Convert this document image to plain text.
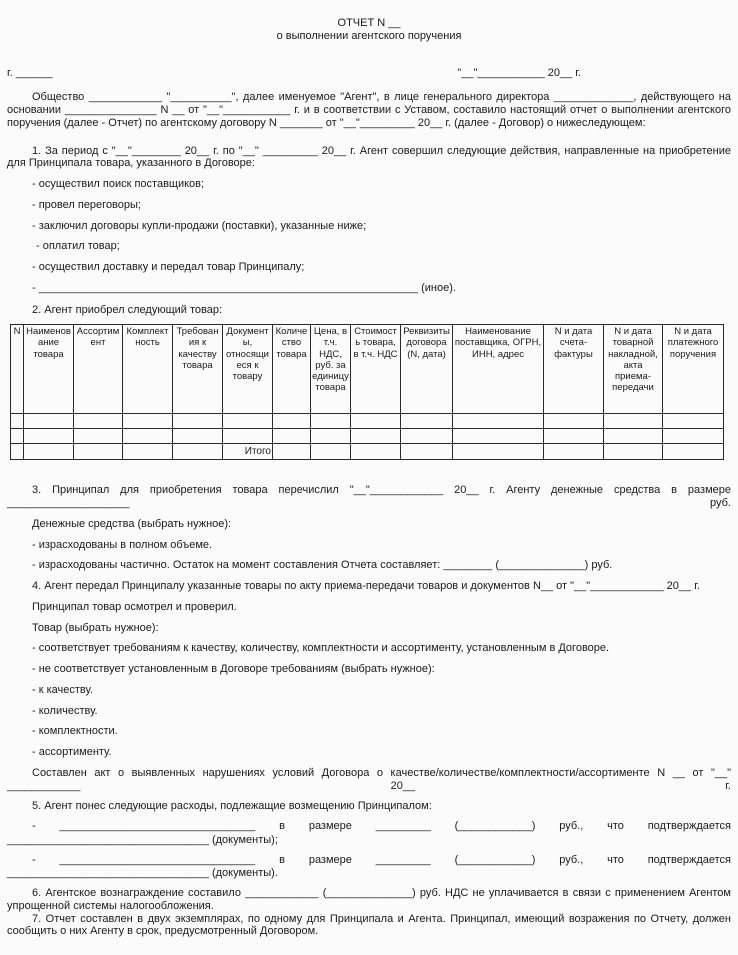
ОТЧЕТ N __
о выполнении агентского поручения
г. ______	"__"___________ 20__ г.

Общество ____________ "__________", далее именуемое "Агент", в лице генерального директора _____________, действующего на основании _______________ N __ от "__"___________ г. и в соответствии с Уставом, составило настоящий отчет о выполнении агентского поручения (далее - Отчет) по агентскому договору N _______ от "__"_________ 20__ г. (далее - Договор) о нижеследующем:

1. За период с "__"________ 20__ г. по "__" _________ 20__ г. Агент совершил следующие действия, направленные на приобретение для Принципала товара, указанного в Договоре:

- осуществил поиск поставщиков;

- провел переговоры;

- заключил договоры купли-продажи (поставки), указанные ниже;

- оплатил товар;

- осуществил доставку и передал товар Принципалу;

- ______________________________________________________________ (иное).

2. Агент приобрел следующий товар:

N	Наименование товара	Ассортимент	Комплектность	Требования к качеству товара	Документы, относящиеся к товару	Количество товара	Цена, в т.ч. НДС, руб. за единицу товара	Стоимость товара, в т.ч. НДС	Реквизиты договора (N, дата)	Наименование поставщика, ОГРН, ИНН, адрес	N и дата счета-фактуры	N и дата товарной накладной, акта приема-передачи	N и дата платежного поручения

					Итого								

3. Принципал для приобретения товара перечислил "__"____________ 20__ г. Агенту денежные средства в размере ____________________ руб.

Денежные средства (выбрать нужное):

- израсходованы в полном объеме.

- израсходованы частично. Остаток на момент составления Отчета составляет: ________ (______________) руб.

4. Агент передал Принципалу указанные товары по акту приема-передачи товаров и документов N__ от "__"____________ 20__ г.

Принципал товар осмотрел и проверил.

Товар (выбрать нужное):

- соответствует требованиям к качеству, количеству, комплектности и ассортименту, установленным в Договоре.

- не соответствует установленным в Договоре требованиям (выбрать нужное):

- к качеству.

- количеству.

- комплектности.

- ассортименту.

Составлен акт о выявленных нарушениях условий Договора о качестве/количестве/комплектности/ассортименте N __ от "__" ____________ 20__ г.

5. Агент понес следующие расходы, подлежащие возмещению Принципалом:

- ________________________________ в размере _________ (____________) руб., что подтверждается

_________________________________ (документы);

- ________________________________ в размере _________ (____________) руб., что подтверждается

_________________________________ (документы).

6. Агентское вознаграждение составило ____________ (______________) руб. НДС не уплачивается в связи с применением Агентом упрощенной системы налогообложения.

7. Отчет составлен в двух экземплярах, по одному для Принципала и Агента. Принципал, имеющий возражения по Отчету, должен сообщить о них Агенту в срок, предусмотренный Договором.
